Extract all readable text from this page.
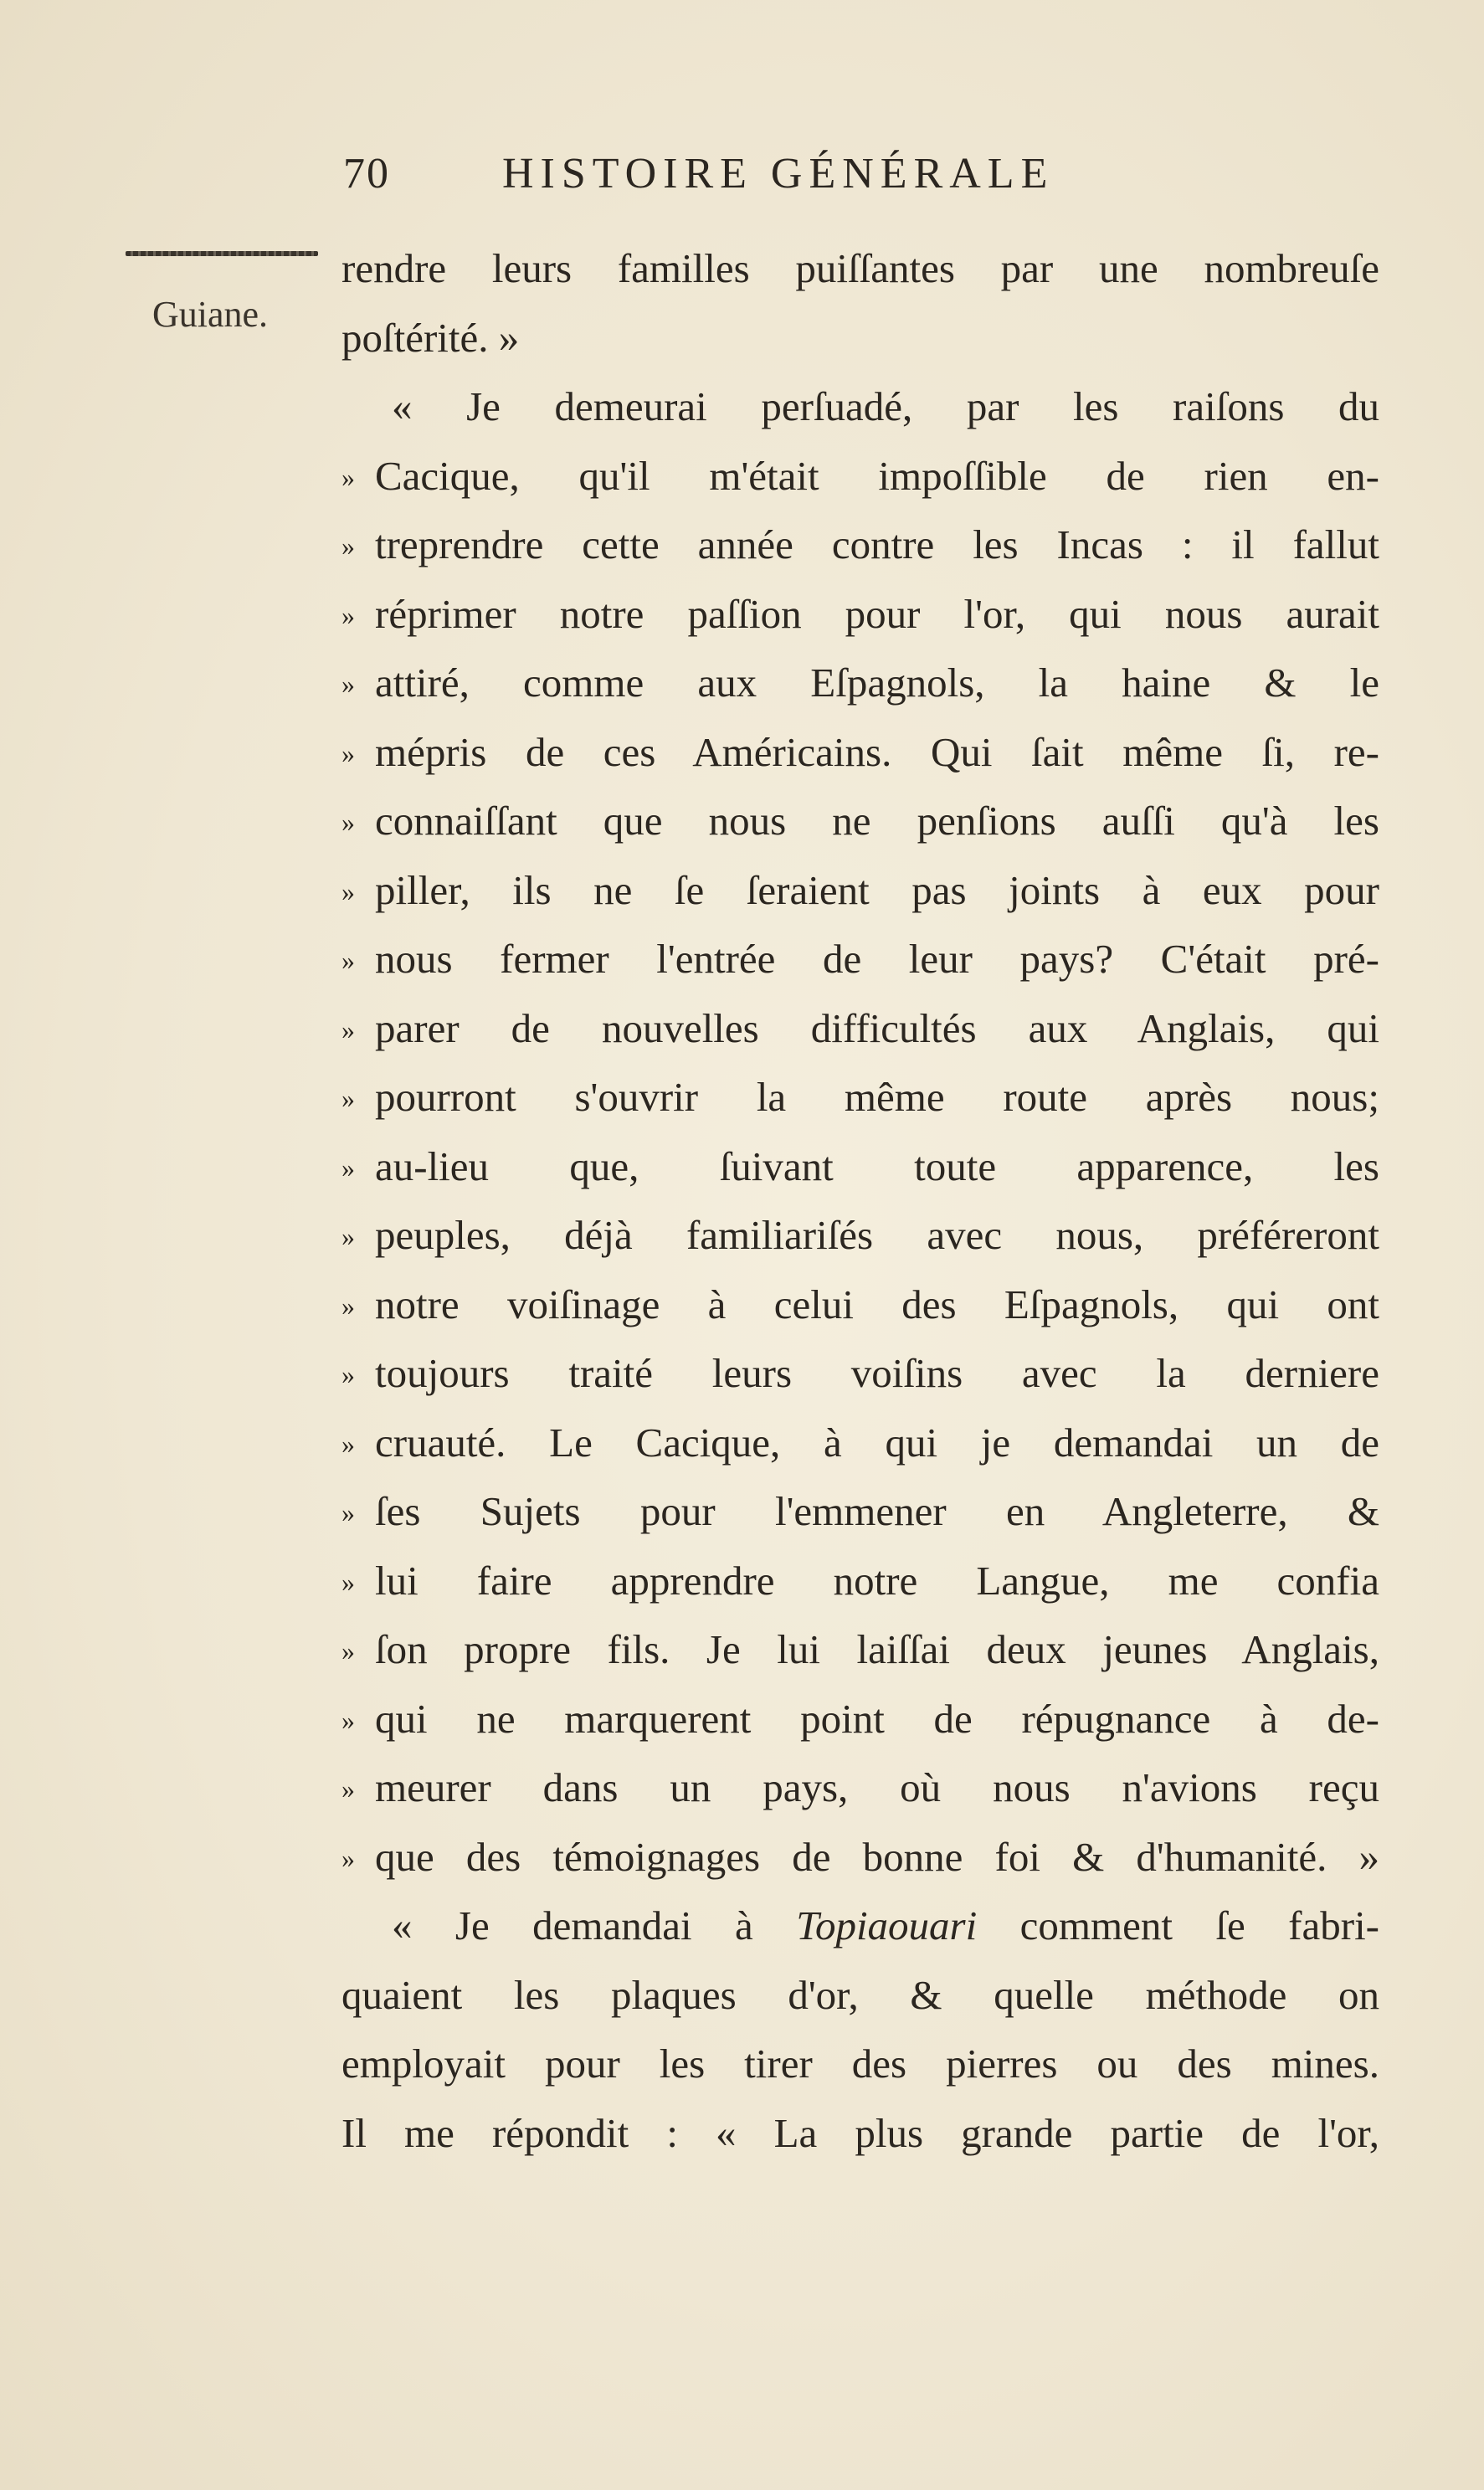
70	HISTOIRE GÉNÉRALE
Guiane.
rendre leurs familles puiſſantes par une nombreuſe
poſtérité. »
« Je demeurai perſuadé, par les raiſons du
» Cacique, qu'il m'était impoſſible de rien en-
» treprendre cette année contre les Incas : il fallut
» réprimer notre paſſion pour l'or, qui nous aurait
» attiré, comme aux Eſpagnols, la haine & le
» mépris de ces Américains. Qui ſait même ſi, re-
» connaiſſant que nous ne penſions auſſi qu'à les
» piller, ils ne ſe ſeraient pas joints à eux pour
» nous fermer l'entrée de leur pays? C'était pré-
» parer de nouvelles difficultés aux Anglais, qui
» pourront s'ouvrir la même route après nous;
» au-lieu que, ſuivant toute apparence, les
» peuples, déjà familiariſés avec nous, préféreront
» notre voiſinage à celui des Eſpagnols, qui ont
» toujours traité leurs voiſins avec la derniere
» cruauté. Le Cacique, à qui je demandai un de
» ſes Sujets pour l'emmener en Angleterre, &
» lui faire apprendre notre Langue, me confia
» ſon propre fils. Je lui laiſſai deux jeunes Anglais,
» qui ne marquerent point de répugnance à de-
» meurer dans un pays, où nous n'avions reçu
» que des témoignages de bonne foi & d'humanité. »
« Je demandai à Topiaouari comment ſe fabri-
quaient les plaques d'or, & quelle méthode on
employait pour les tirer des pierres ou des mines.
Il me répondit : « La plus grande partie de l'or,
